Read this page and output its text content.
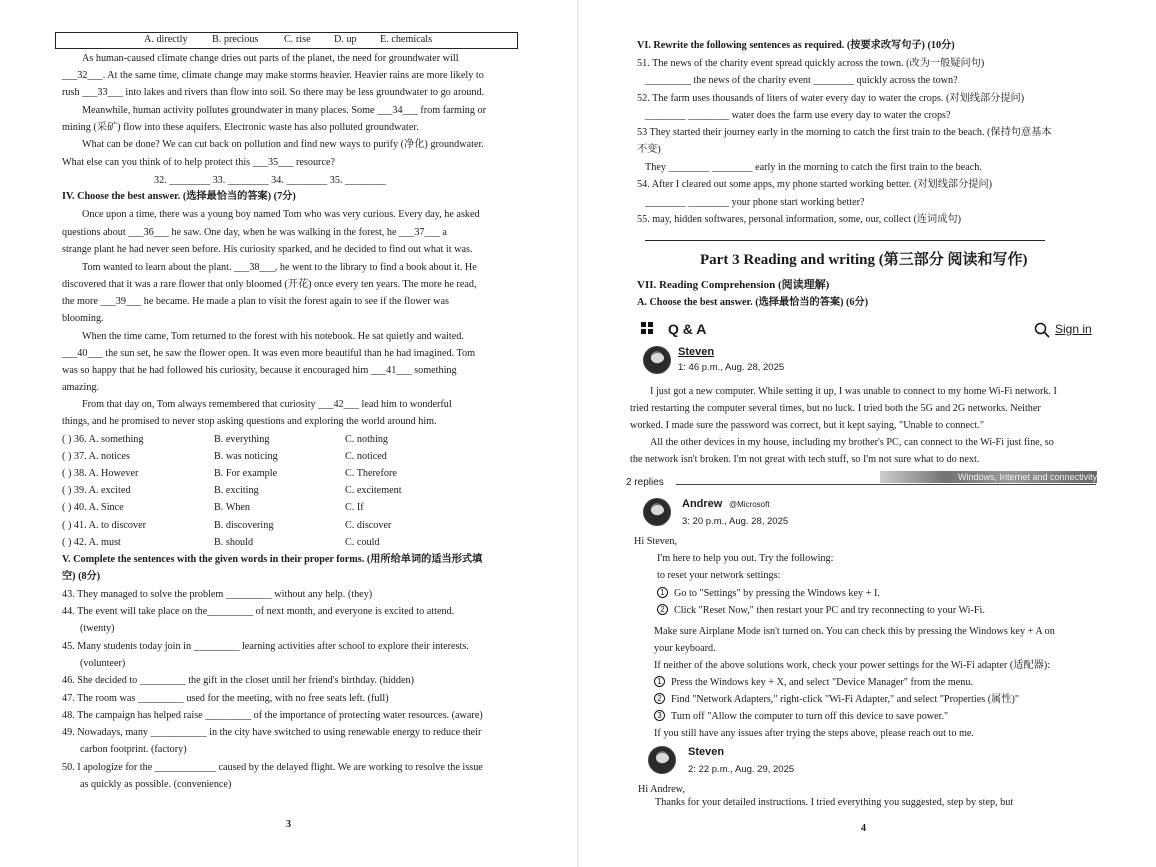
A. directly B. precious	C. rise D. up E. chemicals
As human-caused climate change dries out parts of the planet, the need for groundwater will
___32___. At the same time, climate change may make storms heavier. Heavier rains are more likely to
rush ___33___ into lakes and rivers than flow into soil. So there may be less groundwater to go around.
Meanwhile, human activity pollutes groundwater in many places. Some ___34___ from farming or
mining (采矿) flow into these aquifers. Electronic waste has also polluted groundwater.
What can be done? We can cut back on pollution and find new ways to purify (净化) groundwater.
What else can you think of to help protect this ___35___ resource?
32. ________ 33. ________ 34. ________ 35. ________
IV. Choose the best answer. (选择最恰当的答案) (7分)
Once upon a time, there was a young boy named Tom who was very curious. Every day, he asked
questions about ___36___ he saw. One day, when he was walking in the forest, he ___37___ a
strange plant he had never seen before. His curiosity sparked, and he decided to find out what it was.
Tom wanted to learn about the plant. ___38___, he went to the library to find a book about it. He
discovered that it was a rare flower that only bloomed (开花) once every ten years. The more he read,
the more ___39___ he became. He made a plan to visit the forest again to see if the flower was
blooming.
When the time came, Tom returned to the forest with his notebook. He sat quietly and waited.
___40___ the sun set, he saw the flower open. It was even more beautiful than he had imagined. Tom
was so happy that he had followed his curiosity, because it encouraged him ___41___ something
amazing.
From that day on, Tom always remembered that curiosity ___42___ lead him to wonderful
things, and he promised to never stop asking questions and exploring the world around him.
( ) 36. A. something	B. everything	C. nothing
( ) 37. A. notices	B. was noticing	C. noticed
( ) 38. A. However	B. For example	C. Therefore
( ) 39. A. excited	B. exciting	C. excitement
( ) 40. A. Since	B. When	C. If
( ) 41. A. to discover	B. discovering	C. discover
( ) 42. A. must	B. should	C. could
V. Complete the sentences with the given words in their proper forms. (用所给单词的适当形式填
空) (8分)
43. They managed to solve the problem _________ without any help. (they)
44. The event will take place on the_________ of next month, and everyone is excited to attend.
(twenty)
45. Many students today join in _________ learning activities after school to explore their interests.
(volunteer)
46. She decided to _________ the gift in the closet until her friend's birthday. (hidden)
47. The room was _________ used for the meeting, with no free seats left. (full)
48. The campaign has helped raise _________ of the importance of protecting water resources. (aware)
49. Nowadays, many ___________ in the city have switched to using renewable energy to reduce their
carbon footprint. (factory)
50. I apologize for the ____________ caused by the delayed flight. We are working to resolve the issue
as quickly as possible. (convenience)
3
VI. Rewrite the following sentences as required. (按要求改写句子) (10分)
51. The news of the charity event spread quickly across the town. (改为一般疑问句)
_________ the news of the charity event ________ quickly across the town?
52. The farm uses thousands of liters of water every day to water the crops. (对划线部分提问)
________ ________ water does the farm use every day to water the crops?
53 They started their journey early in the morning to catch the first train to the beach. (保持句意基本
不变)
They ________ ________ early in the morning to catch the first train to the beach.
54. After I cleared out some apps, my phone started working better. (对划线部分提问)
________ ________ your phone start working better?
55. may, hidden softwares, personal information, some, our, collect (连词成句)
Part 3 Reading and writing (第三部分 阅读和写作)
VII. Reading Comprehension (阅读理解)
A. Choose the best answer. (选择最恰当的答案) (6分)
Q & A	Sign in
Steven
1: 46 p.m., Aug. 28, 2025
I just got a new computer. While setting it up, I was unable to connect to my home Wi-Fi network. I
tried restarting the computer several times, but no luck. I tried both the 5G and 2G networks. Neither
worked. I made sure the password was correct, but it kept saying, "Unable to connect."
All the other devices in my house, including my brother's PC, can connect to the Wi-Fi just fine, so
the network isn't broken. I'm not great with tech stuff, so I'm not sure what to do next.
2 replies	Windows, Internet and connectivity
Andrew @Microsoft
3: 20 p.m., Aug. 28, 2025
Hi Steven,
I'm here to help you out. Try the following:
to reset your network settings:
1 Go to "Settings" by pressing the Windows key + I.
2 Click "Reset Now," then restart your PC and try reconnecting to your Wi-Fi.
Make sure Airplane Mode isn't turned on. You can check this by pressing the Windows key + A on
your keyboard.
If neither of the above solutions work, check your power settings for the Wi-Fi adapter (适配器):
1 Press the Windows key + X, and select "Device Manager" from the menu.
2 Find "Network Adapters," right-click "Wi-Fi Adapter," and select "Properties (属性)"
3 Turn off "Allow the computer to turn off this device to save power."
If you still have any issues after trying the steps above, please reach out to me.
Steven
2: 22 p.m., Aug. 29, 2025
Hi Andrew,
Thanks for your detailed instructions. I tried everything you suggested, step by step, but
4
